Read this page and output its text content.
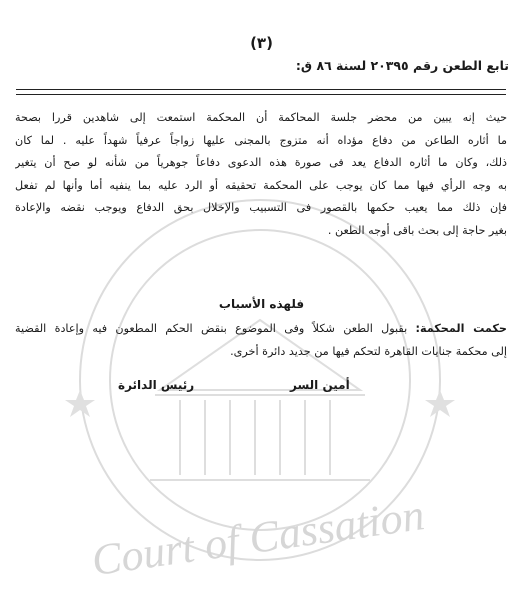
Court of Cassation
(٣)
تابع الطعن رقم ٢٠٣٩٥ لسنة ٨٦ ق:
حيث إنه يبين من محضر جلسة المحاكمة أن المحكمة استمعت إلى شاهدين قررا بصحة
ما أثاره الطاعن من دفاع مؤداه أنه متزوج بالمجنى عليها زواجاً عرفياً شهداً عليه . لما كان
ذلك، وكان ما أثاره الدفاع يعد فى صورة هذه الدعوى دفاعاً جوهرياً من شأنه لو صح أن يتغير
به وجه الرأي فيها مما كان يوجب على المحكمة تحقيقه أو الرد عليه بما ينفيه أما وأنها لم تفعل
فإن ذلك مما يعيب حكمها بالقصور فى التسبيب والإخلال بحق الدفاع ويوجب نقضه والإعادة
بغير حاجة إلى بحث باقى أوجه الطعن .
فلهذه الأسباب
حكمت المحكمة: بقبول الطعن شكلاً وفى الموضوع بنقض الحكم المطعون فيه وإعادة القضية
إلى محكمة جنايات القاهرة لتحكم فيها من جديد دائرة أخرى.
أمين السر
رئيس الدائرة
